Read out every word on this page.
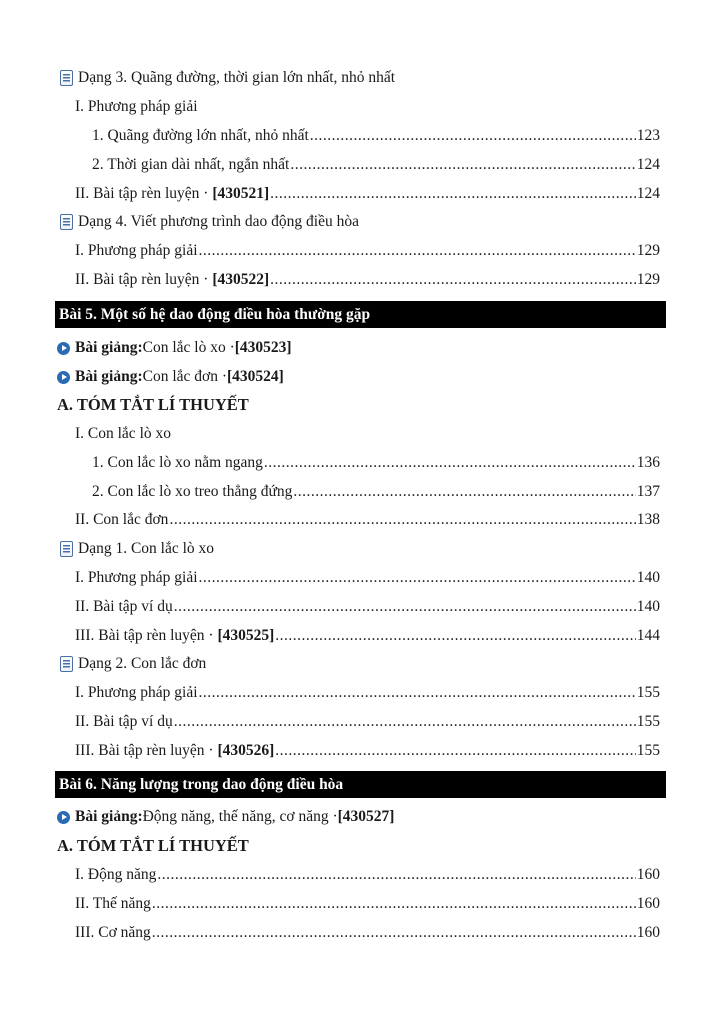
Dạng 3. Quãng đường, thời gian lớn nhất, nhỏ nhất
I. Phương pháp giải
1. Quãng đường lớn nhất, nhỏ nhất .....	123
2. Thời gian dài nhất, ngắn nhất .....	124
II. Bài tập rèn luyện · [430521] .....	124
Dạng 4. Viết phương trình dao động điều hòa
I. Phương pháp giải .....	129
II. Bài tập rèn luyện · [430522] .....	129
Bài 5. Một số hệ dao động điều hòa thường gặp
Bài giảng: Con lắc lò xo · [430523]
Bài giảng: Con lắc đơn · [430524]
A. TÓM TẮT LÍ THUYẾT
I. Con lắc lò xo
1. Con lắc lò xo nằm ngang .....	136
2. Con lắc lò xo treo thẳng đứng .....	137
II. Con lắc đơn .....	138
Dạng 1. Con lắc lò xo
I. Phương pháp giải .....	140
II. Bài tập ví dụ .....	140
III. Bài tập rèn luyện · [430525] .....	144
Dạng 2. Con lắc đơn
I. Phương pháp giải .....	155
II. Bài tập ví dụ .....	155
III. Bài tập rèn luyện · [430526] .....	155
Bài 6. Năng lượng trong dao động điều hòa
Bài giảng: Động năng, thế năng, cơ năng · [430527]
A. TÓM TẮT LÍ THUYẾT
I. Động năng .....	160
II. Thế năng .....	160
III. Cơ năng .....	160
